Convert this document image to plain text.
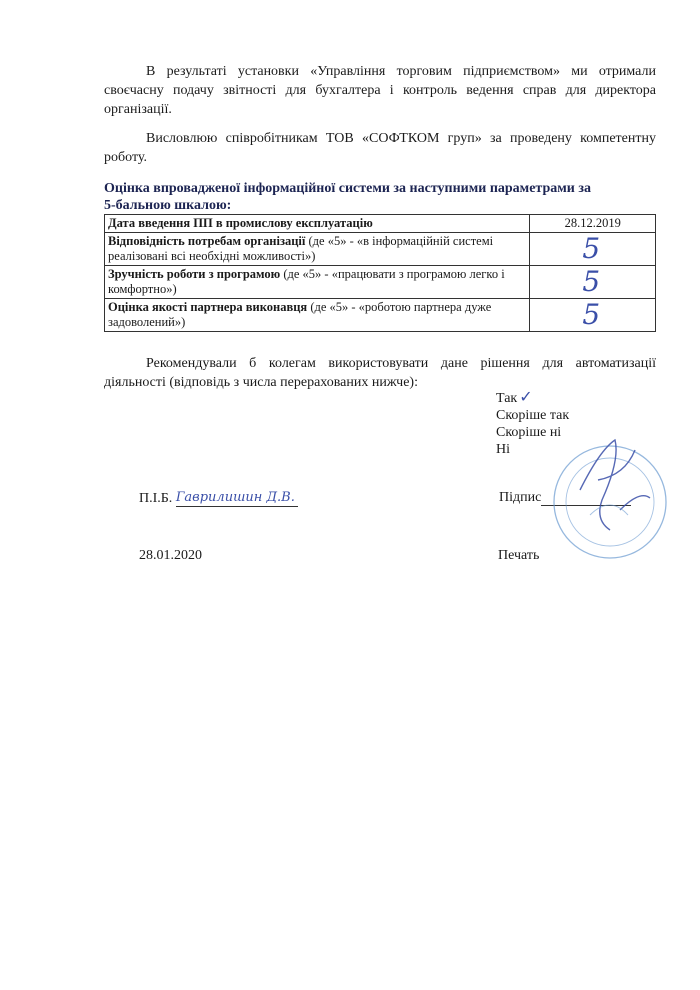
В результаті установки «Управління торговим підприємством» ми отримали своєчасну подачу звітності для бухгалтера і контроль ведення справ для директора організації.

Висловлюю співробітникам ТОВ «СОФТКОМ груп» за проведену компетентну роботу.

Оцінка впровадженої інформаційної системи за наступними параметрами за
5-бальною шкалою:
Дата введення ПП в промислову експлуатацію	28.12.2019
Відповідність потребам організації (де «5» - «в інформаційній системі реалізовані всі необхідні можливості»)	5

Зручність роботи з програмою (де «5» - «працювати з програмою легко і комфортно»)	5

Оцінка якості партнера виконавця (де «5» - «роботою партнера дуже задоволений»)	5

Рекомендували б колегам використовувати дане рішення для автоматизації діяльності (відповідь з числа перерахованих нижче):

Так ✓
Скоріше так
Скоріше ні
Ні
П.І.Б. Гаврилишин Д.В.	Підпис
28.01.2020	Печать
